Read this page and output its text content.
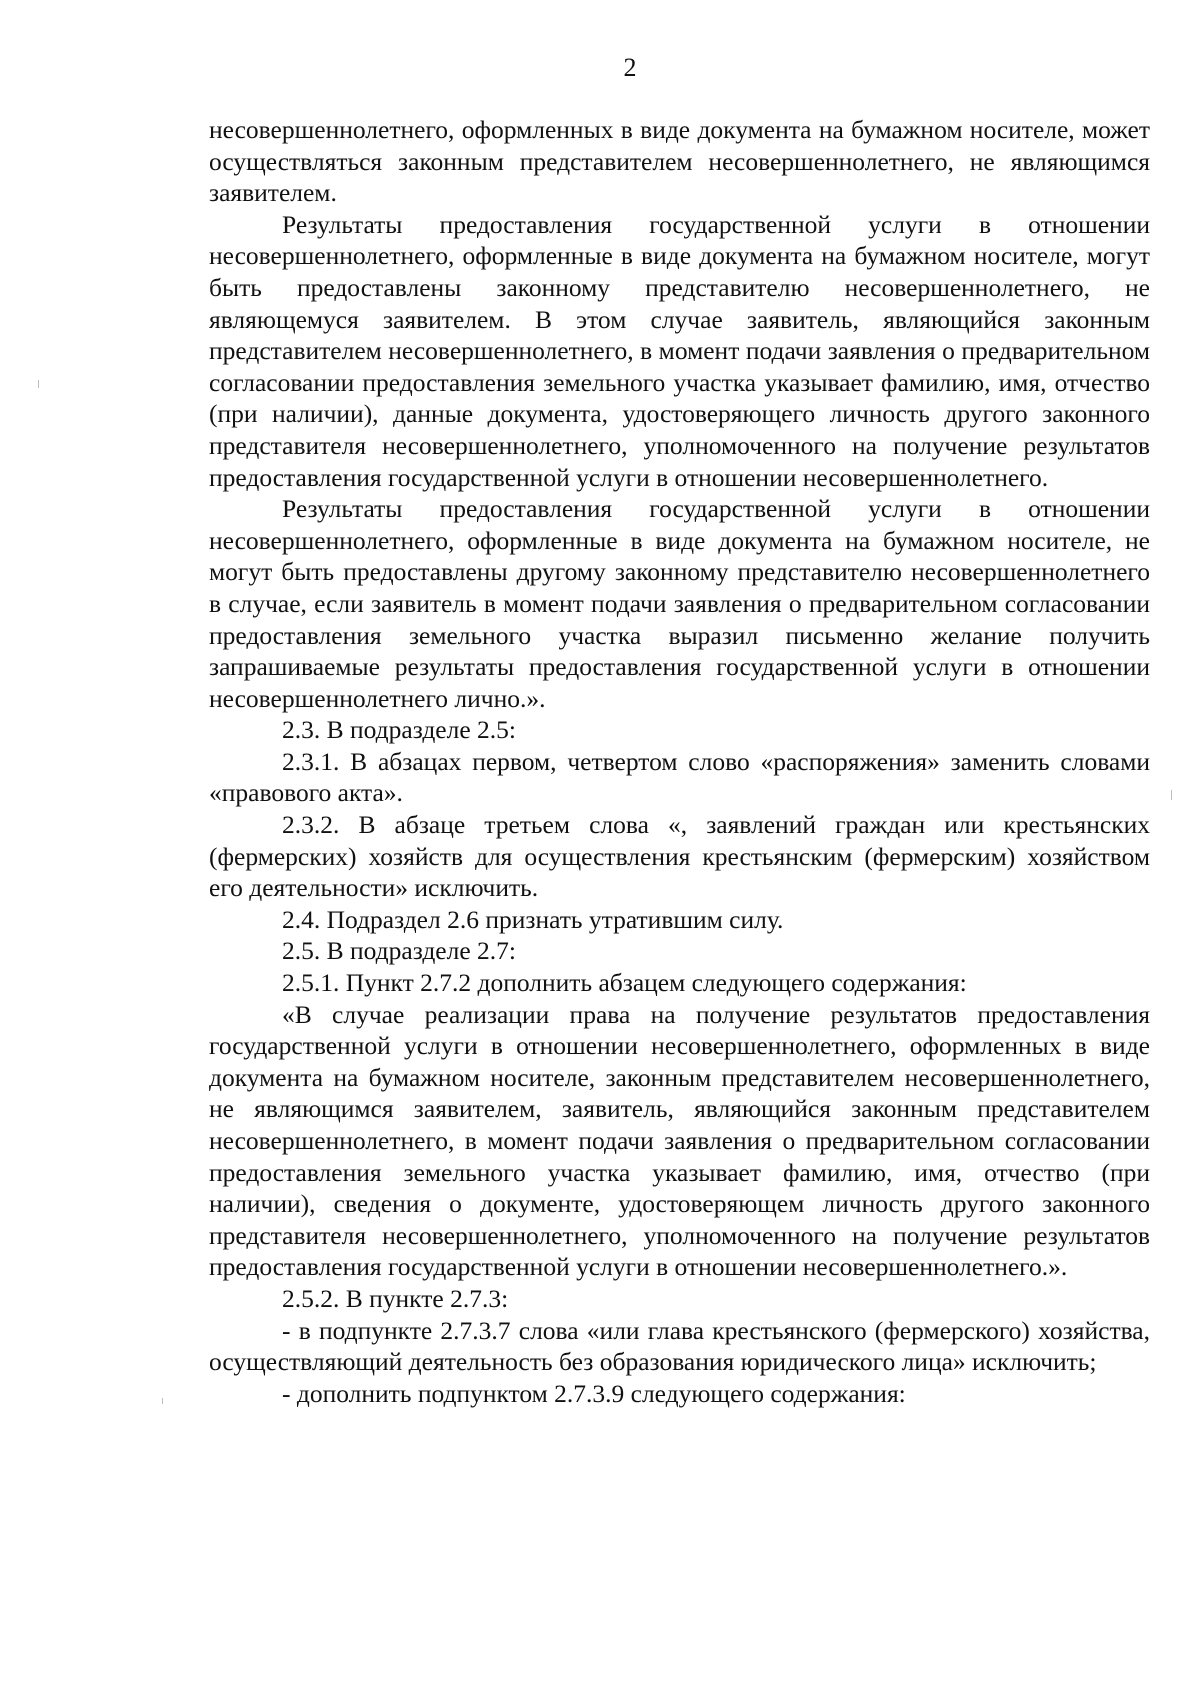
2

несовершеннолетнего, оформленных в виде документа на бумажном носителе, может осуществляться законным представителем несовершеннолетнего, не являющимся заявителем.

Результаты предоставления государственной услуги в отношении несовершеннолетнего, оформленные в виде документа на бумажном носителе, могут быть предоставлены законному представителю несовершеннолетнего, не являющемуся заявителем. В этом случае заявитель, являющийся законным представителем несовершеннолетнего, в момент подачи заявления о предварительном согласовании предоставления земельного участка указывает фамилию, имя, отчество (при наличии), данные документа, удостоверяющего личность другого законного представителя несовершеннолетнего, уполномоченного на получение результатов предоставления государственной услуги в отношении несовершеннолетнего.

Результаты предоставления государственной услуги в отношении несовершеннолетнего, оформленные в виде документа на бумажном носителе, не могут быть предоставлены другому законному представителю несовершеннолетнего в случае, если заявитель в момент подачи заявления о предварительном согласовании предоставления земельного участка выразил письменно желание получить запрашиваемые результаты предоставления государственной услуги в отношении несовершеннолетнего лично.».

2.3. В подразделе 2.5:

2.3.1. В абзацах первом, четвертом слово «распоряжения» заменить словами «правового акта».

2.3.2. В абзаце третьем слова «, заявлений граждан или крестьянских (фермерских) хозяйств для осуществления крестьянским (фермерским) хозяйством его деятельности» исключить.

2.4. Подраздел 2.6 признать утратившим силу.

2.5. В подразделе 2.7:

2.5.1. Пункт 2.7.2 дополнить абзацем следующего содержания:

«В случае реализации права на получение результатов предоставления государственной услуги в отношении несовершеннолетнего, оформленных в виде документа на бумажном носителе, законным представителем несовершеннолетнего, не являющимся заявителем, заявитель, являющийся законным представителем несовершеннолетнего, в момент подачи заявления о предварительном согласовании предоставления земельного участка указывает фамилию, имя, отчество (при наличии), сведения о документе, удостоверяющем личность другого законного представителя несовершеннолетнего, уполномоченного на получение результатов предоставления государственной услуги в отношении несовершеннолетнего.».

2.5.2. В пункте 2.7.3:

- в подпункте 2.7.3.7 слова «или глава крестьянского (фермерского) хозяйства, осуществляющий деятельность без образования юридического лица» исключить;

- дополнить подпунктом 2.7.3.9 следующего содержания:
